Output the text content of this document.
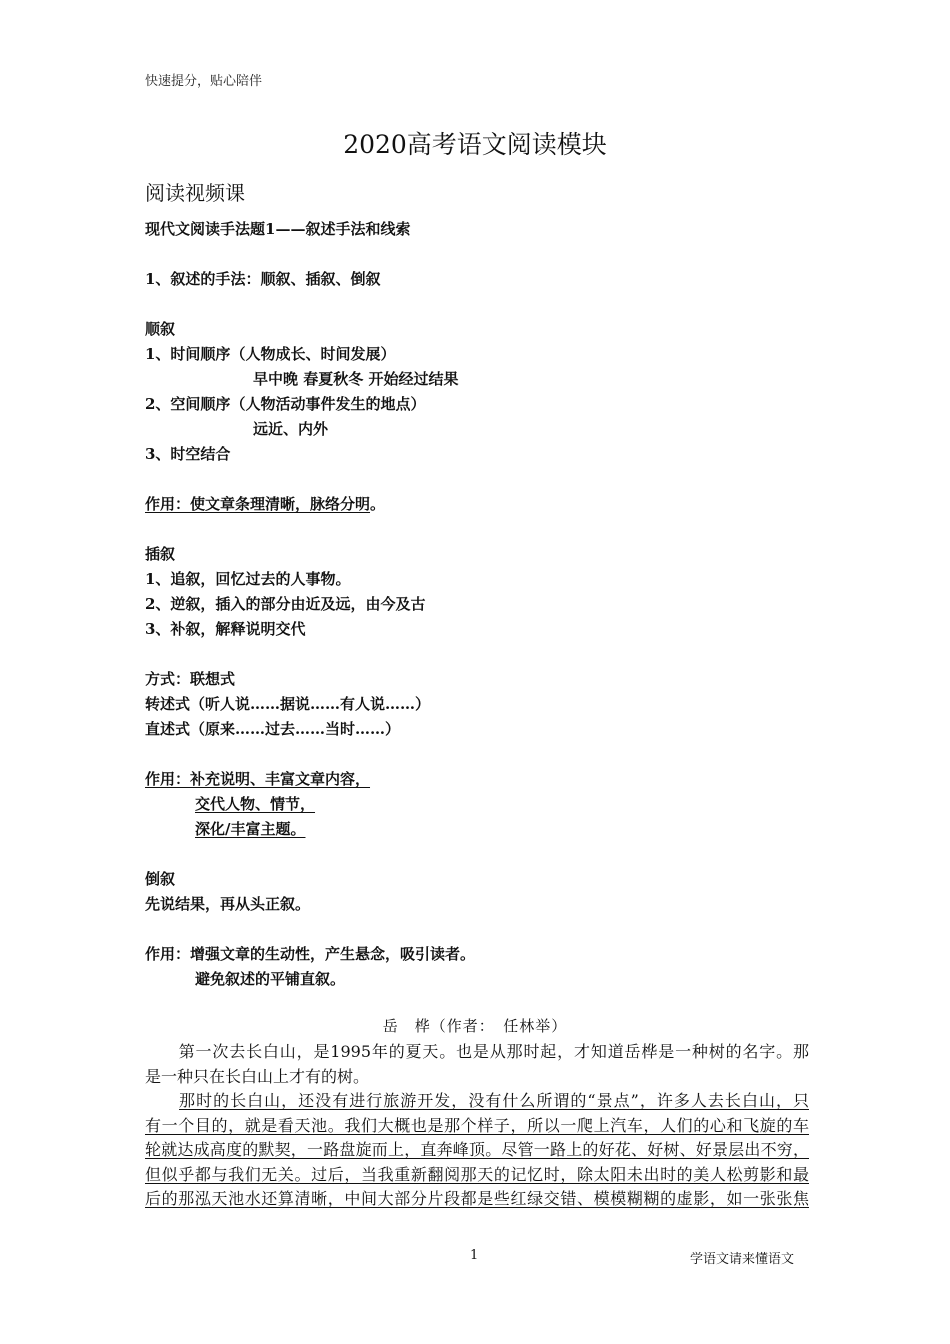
快速提分，贴心陪伴
2020高考语文阅读模块
阅读视频课
现代文阅读手法题1——叙述手法和线索
1、叙述的手法：顺叙、插叙、倒叙
顺叙
1、时间顺序（人物成长、时间发展）
早中晚 春夏秋冬 开始经过结果
2、空间顺序（人物活动事件发生的地点）
远近、内外
3、时空结合
作用：使文章条理清晰，脉络分明。
插叙
1、追叙，回忆过去的人事物。
2、逆叙，插入的部分由近及远，由今及古
3、补叙，解释说明交代
方式：联想式
转述式（听人说……据说……有人说……）
直述式（原来……过去……当时……）
作用：补充说明、丰富文章内容，
交代人物、情节，
深化/丰富主题。
倒叙
先说结果，再从头正叙。
作用：增强文章的生动性，产生悬念，吸引读者。
避免叙述的平铺直叙。
岳　桦（作者：　任林举）
　　第一次去长白山，是1995年的夏天。也是从那时起，才知道岳桦是一种树的名字。那
是一种只在长白山上才有的树。
　　那时的长白山，还没有进行旅游开发，没有什么所谓的“景点”，许多人去长白山，只
有一个目的，就是看天池。我们大概也是那个样子，所以一爬上汽车，人们的心和飞旋的车
轮就达成高度的默契，一路盘旋而上，直奔峰顶。尽管一路上的好花、好树、好景层出不穷，
但似乎都与我们无关。过后，当我重新翻阅那天的记忆时，除太阳未出时的美人松剪影和最
后的那泓天池水还算清晰，中间大部分片段都是些红绿交错、模模糊糊的虚影，如一张张焦
1	学语文请来懂语文
